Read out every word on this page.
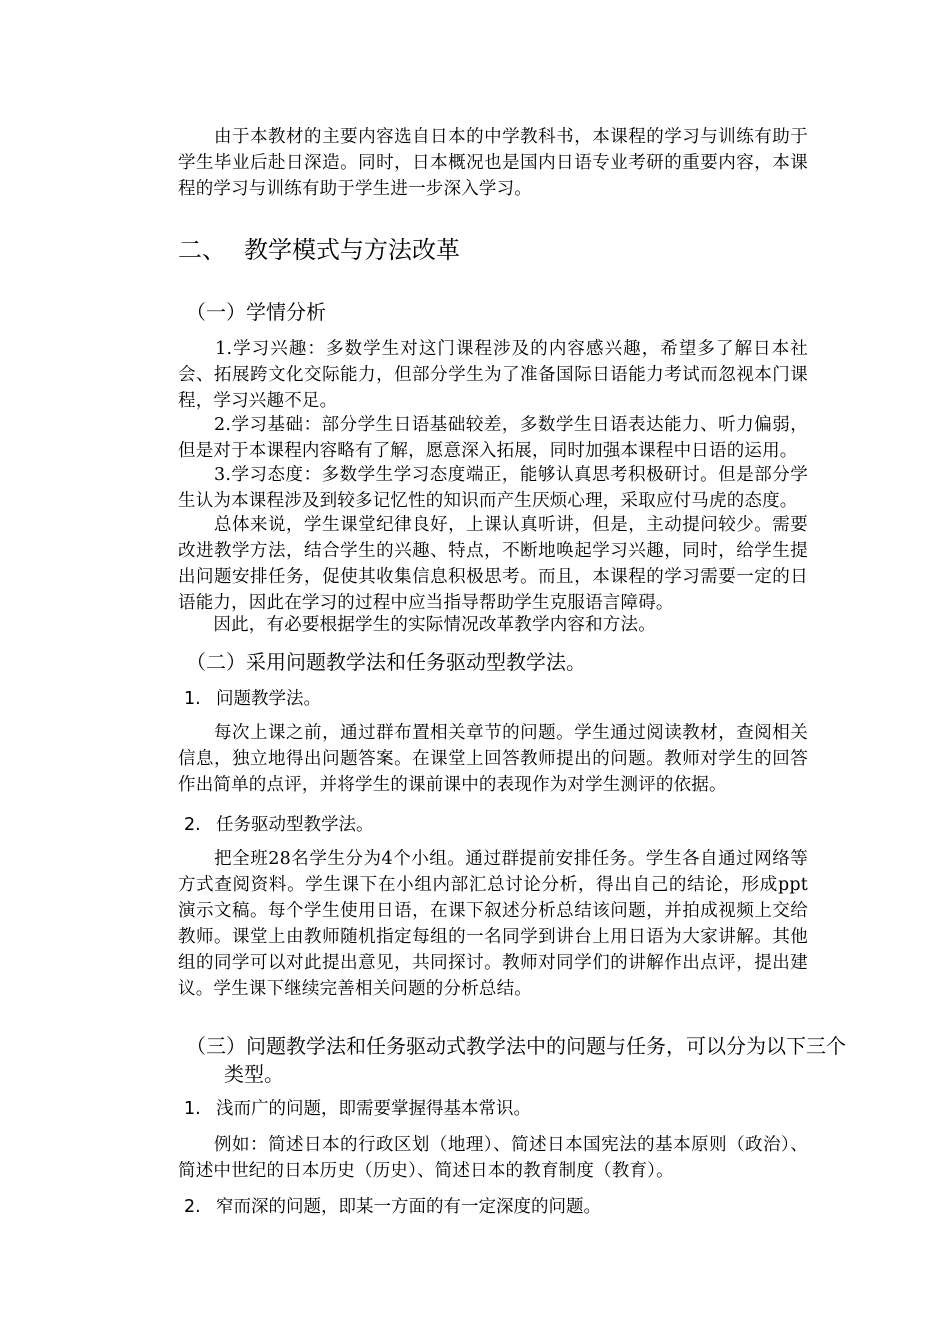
　　由于本教材的主要内容选自日本的中学教科书，本课程的学习与训练有助于学生毕业后赴日深造。同时，日本概况也是国内日语专业考研的重要内容，本课程的学习与训练有助于学生进一步深入学习。

二、 教学模式与方法改革
（一）学情分析

　　1.学习兴趣：多数学生对这门课程涉及的内容感兴趣，希望多了解日本社会、拓展跨文化交际能力，但部分学生为了准备国际日语能力考试而忽视本门课程，学习兴趣不足。

　　2.学习基础：部分学生日语基础较差，多数学生日语表达能力、听力偏弱，但是对于本课程内容略有了解，愿意深入拓展，同时加强本课程中日语的运用。

　　3.学习态度：多数学生学习态度端正，能够认真思考积极研讨。但是部分学生认为本课程涉及到较多记忆性的知识而产生厌烦心理，采取应付马虎的态度。

　　总体来说，学生课堂纪律良好，上课认真听讲，但是，主动提问较少。需要改进教学方法，结合学生的兴趣、特点，不断地唤起学习兴趣，同时，给学生提出问题安排任务，促使其收集信息积极思考。而且，本课程的学习需要一定的日语能力，因此在学习的过程中应当指导帮助学生克服语言障碍。

　　因此，有必要根据学生的实际情况改革教学内容和方法。

（二）采用问题教学法和任务驱动型教学法。
1. 问题教学法。

　　每次上课之前，通过群布置相关章节的问题。学生通过阅读教材，查阅相关信息，独立地得出问题答案。在课堂上回答教师提出的问题。教师对学生的回答作出简单的点评，并将学生的课前课中的表现作为对学生测评的依据。

2. 任务驱动型教学法。

　　把全班28名学生分为4个小组。通过群提前安排任务。学生各自通过网络等方式查阅资料。学生课下在小组内部汇总讨论分析，得出自己的结论，形成ppt演示文稿。每个学生使用日语，在课下叙述分析总结该问题，并拍成视频上交给教师。课堂上由教师随机指定每组的一名同学到讲台上用日语为大家讲解。其他组的同学可以对此提出意见，共同探讨。教师对同学们的讲解作出点评，提出建议。学生课下继续完善相关问题的分析总结。

（三）问题教学法和任务驱动式教学法中的问题与任务，可以分为以下三个类型。
1. 浅而广的问题，即需要掌握得基本常识。

　　例如：简述日本的行政区划（地理）、简述日本国宪法的基本原则（政治）、简述中世纪的日本历史（历史）、简述日本的教育制度（教育）。

2. 窄而深的问题，即某一方面的有一定深度的问题。
